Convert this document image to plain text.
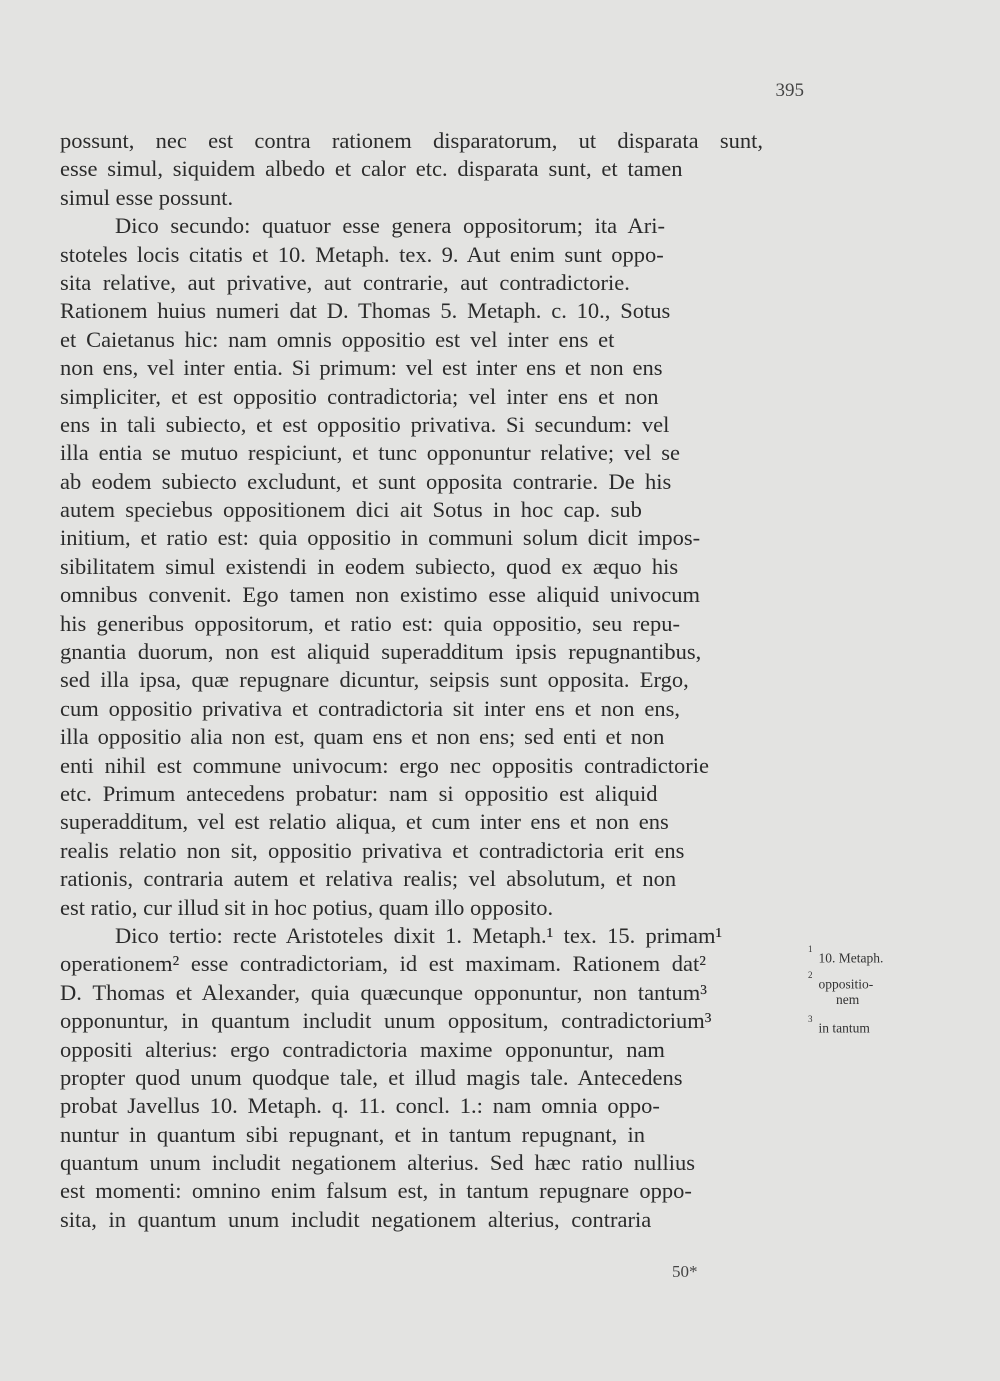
395
possunt, nec est contra rationem disparatorum, ut disparata sunt,
esse simul, siquidem albedo et calor etc. disparata sunt, et tamen
simul esse possunt.
Dico secundo: quatuor esse genera oppositorum; ita Ari-
stoteles locis citatis et 10. Metaph. tex. 9. Aut enim sunt oppo-
sita relative, aut privative, aut contrarie, aut contradictorie.
Rationem huius numeri dat D. Thomas 5. Metaph. c. 10., Sotus
et Caietanus hic: nam omnis oppositio est vel inter ens et
non ens, vel inter entia. Si primum: vel est inter ens et non ens
simpliciter, et est oppositio contradictoria; vel inter ens et non
ens in tali subiecto, et est oppositio privativa. Si secundum: vel
illa entia se mutuo respiciunt, et tunc opponuntur relative; vel se
ab eodem subiecto excludunt, et sunt opposita contrarie. De his
autem speciebus oppositionem dici ait Sotus in hoc cap. sub
initium, et ratio est: quia oppositio in communi solum dicit impos-
sibilitatem simul existendi in eodem subiecto, quod ex æquo his
omnibus convenit. Ego tamen non existimo esse aliquid univocum
his generibus oppositorum, et ratio est: quia oppositio, seu repu-
gnantia duorum, non est aliquid superadditum ipsis repugnantibus,
sed illa ipsa, quæ repugnare dicuntur, seipsis sunt opposita. Ergo,
cum oppositio privativa et contradictoria sit inter ens et non ens,
illa oppositio alia non est, quam ens et non ens; sed enti et non
enti nihil est commune univocum: ergo nec oppositis contradictorie
etc. Primum antecedens probatur: nam si oppositio est aliquid
superadditum, vel est relatio aliqua, et cum inter ens et non ens
realis relatio non sit, oppositio privativa et contradictoria erit ens
rationis, contraria autem et relativa realis; vel absolutum, et non
est ratio, cur illud sit in hoc potius, quam illo opposito.
Dico tertio: recte Aristoteles dixit 1. Metaph.¹ tex. 15. primam¹
operationem² esse contradictoriam, id est maximam. Rationem dat²
D. Thomas et Alexander, quia quæcunque opponuntur, non tantum³
opponuntur, in quantum includit unum oppositum, contradictorium³
oppositi alterius: ergo contradictoria maxime opponuntur, nam
propter quod unum quodque tale, et illud magis tale. Antecedens
probat Javellus 10. Metaph. q. 11. concl. 1.: nam omnia oppo-
nuntur in quantum sibi repugnant, et in tantum repugnant, in
quantum unum includit negationem alterius. Sed hæc ratio nullius
est momenti: omnino enim falsum est, in tantum repugnare oppo-
sita, in quantum unum includit negationem alterius, contraria
$^1$10. Metaph.
$^2$oppositio-
nem
$^3$in tantum
50*
